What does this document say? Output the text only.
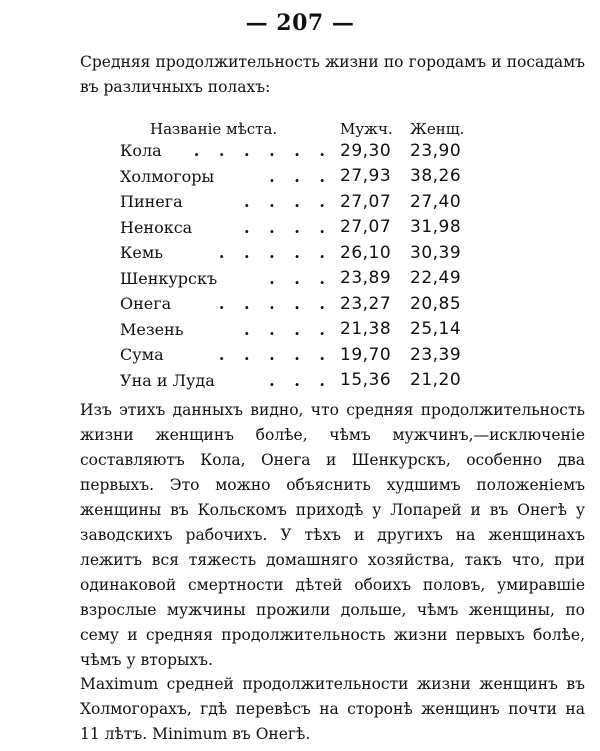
— 207 —
Средняя продолжительность жизни по городамъ и посадамъ въ различныхъ полахъ:
Названіе мѣста.	Мужч.	Женщ.
Кола	. . . . . . 29,30	23,90
Холмогоры	. . . 27,93	38,26
Пинега	. . . . 27,07	27,40
Ненокса	. . . . 27,07	31,98
Кемь	. . . . . 26,10	30,39
Шенкурскъ	. . . 23,89	22,49
Онега	. . . . . 23,27	20,85
Мезень	. . . . 21,38	25,14
Сума	. . . . . 19,70	23,39
Уна и Луда	. . . 15,36	21,20
Изъ этихъ данныхъ видно, что средняя продолжительность жизни женщинъ болѣе, чѣмъ мужчинъ,—исключеніе составляютъ Кола, Онега и Шенкурскъ, особенно два первыхъ. Это можно объяснить худшимъ положеніемъ женщины въ Кольскомъ приходѣ у Лопарей и въ Онегѣ у заводскихъ рабочихъ. У тѣхъ и другихъ на женщинахъ лежитъ вся тяжесть домашняго хозяйства, такъ что, при одинаковой смертности дѣтей обоихъ половъ, умиравшіе взрослые мужчины прожили дольше, чѣмъ женщины, по сему и средняя продолжительность жизни первыхъ болѣе, чѣмъ у вторыхъ.
Maximum средней продолжительности жизни женщинъ въ Холмогорахъ, гдѣ перевѣсъ на сторонѣ женщинъ почти на 11 лѣтъ. Minimum въ Онегѣ.
